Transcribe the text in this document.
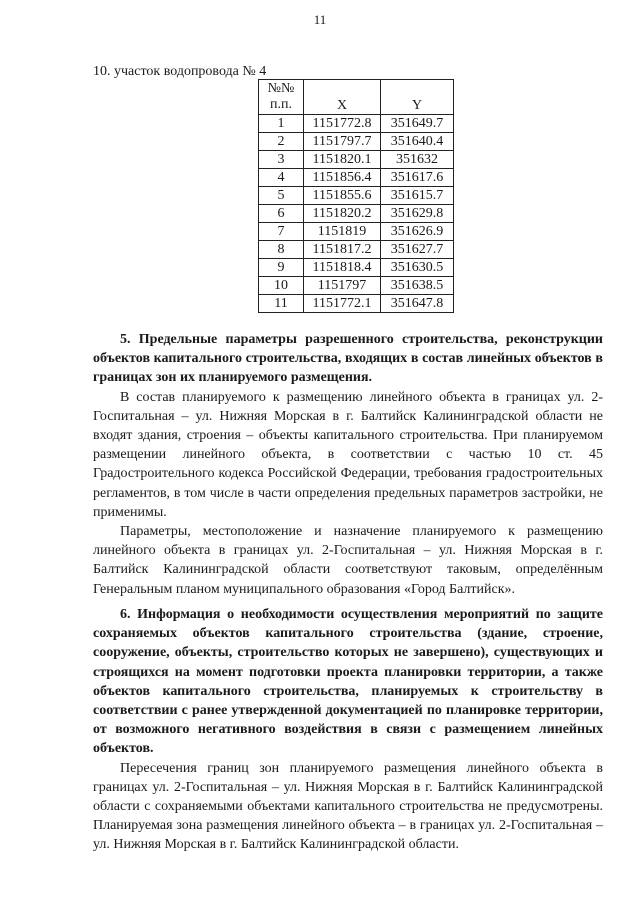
11
10. участок водопровода № 4
№№
п.п.	X	Y
1	1151772.8	351649.7
2	1151797.7	351640.4
3	1151820.1	351632
4	1151856.4	351617.6
5	1151855.6	351615.7
6	1151820.2	351629.8
7	1151819	351626.9
8	1151817.2	351627.7
9	1151818.4	351630.5
10	1151797	351638.5
11	1151772.1	351647.8

5. Предельные параметры разрешенного строительства, реконструкции объектов капитального строительства, входящих в состав линейных объектов в границах зон их планируемого размещения.

В состав планируемого к размещению линейного объекта в границах ул. 2-Госпитальная – ул. Нижняя Морская в г. Балтийск Калининградской области не входят здания, строения – объекты капитального строительства. При планируемом размещении линейного объекта, в соответствии с частью 10 ст. 45 Градостроительного кодекса Российской Федерации, требования градостроительных регламентов, в том числе в части определения предельных параметров застройки, не применимы.

Параметры, местоположение и назначение планируемого к размещению линейного объекта в границах ул. 2-Госпитальная – ул. Нижняя Морская в г. Балтийск Калининградской области соответствуют таковым, определённым Генеральным планом муниципального образования «Город Балтийск».

6. Информация о необходимости осуществления мероприятий по защите сохраняемых объектов капитального строительства (здание, строение, сооружение, объекты, строительство которых не завершено), существующих и строящихся на момент подготовки проекта планировки территории, а также объектов капитального строительства, планируемых к строительству в соответствии с ранее утвержденной документацией по планировке территории, от возможного негативного воздействия в связи с размещением линейных объектов.

Пересечения границ зон планируемого размещения линейного объекта в границах ул. 2-Госпитальная – ул. Нижняя Морская в г. Балтийск Калининградской области с сохраняемыми объектами капитального строительства не предусмотрены. Планируемая зона размещения линейного объекта – в границах ул. 2-Госпитальная – ул. Нижняя Морская в г. Балтийск Калининградской области.
